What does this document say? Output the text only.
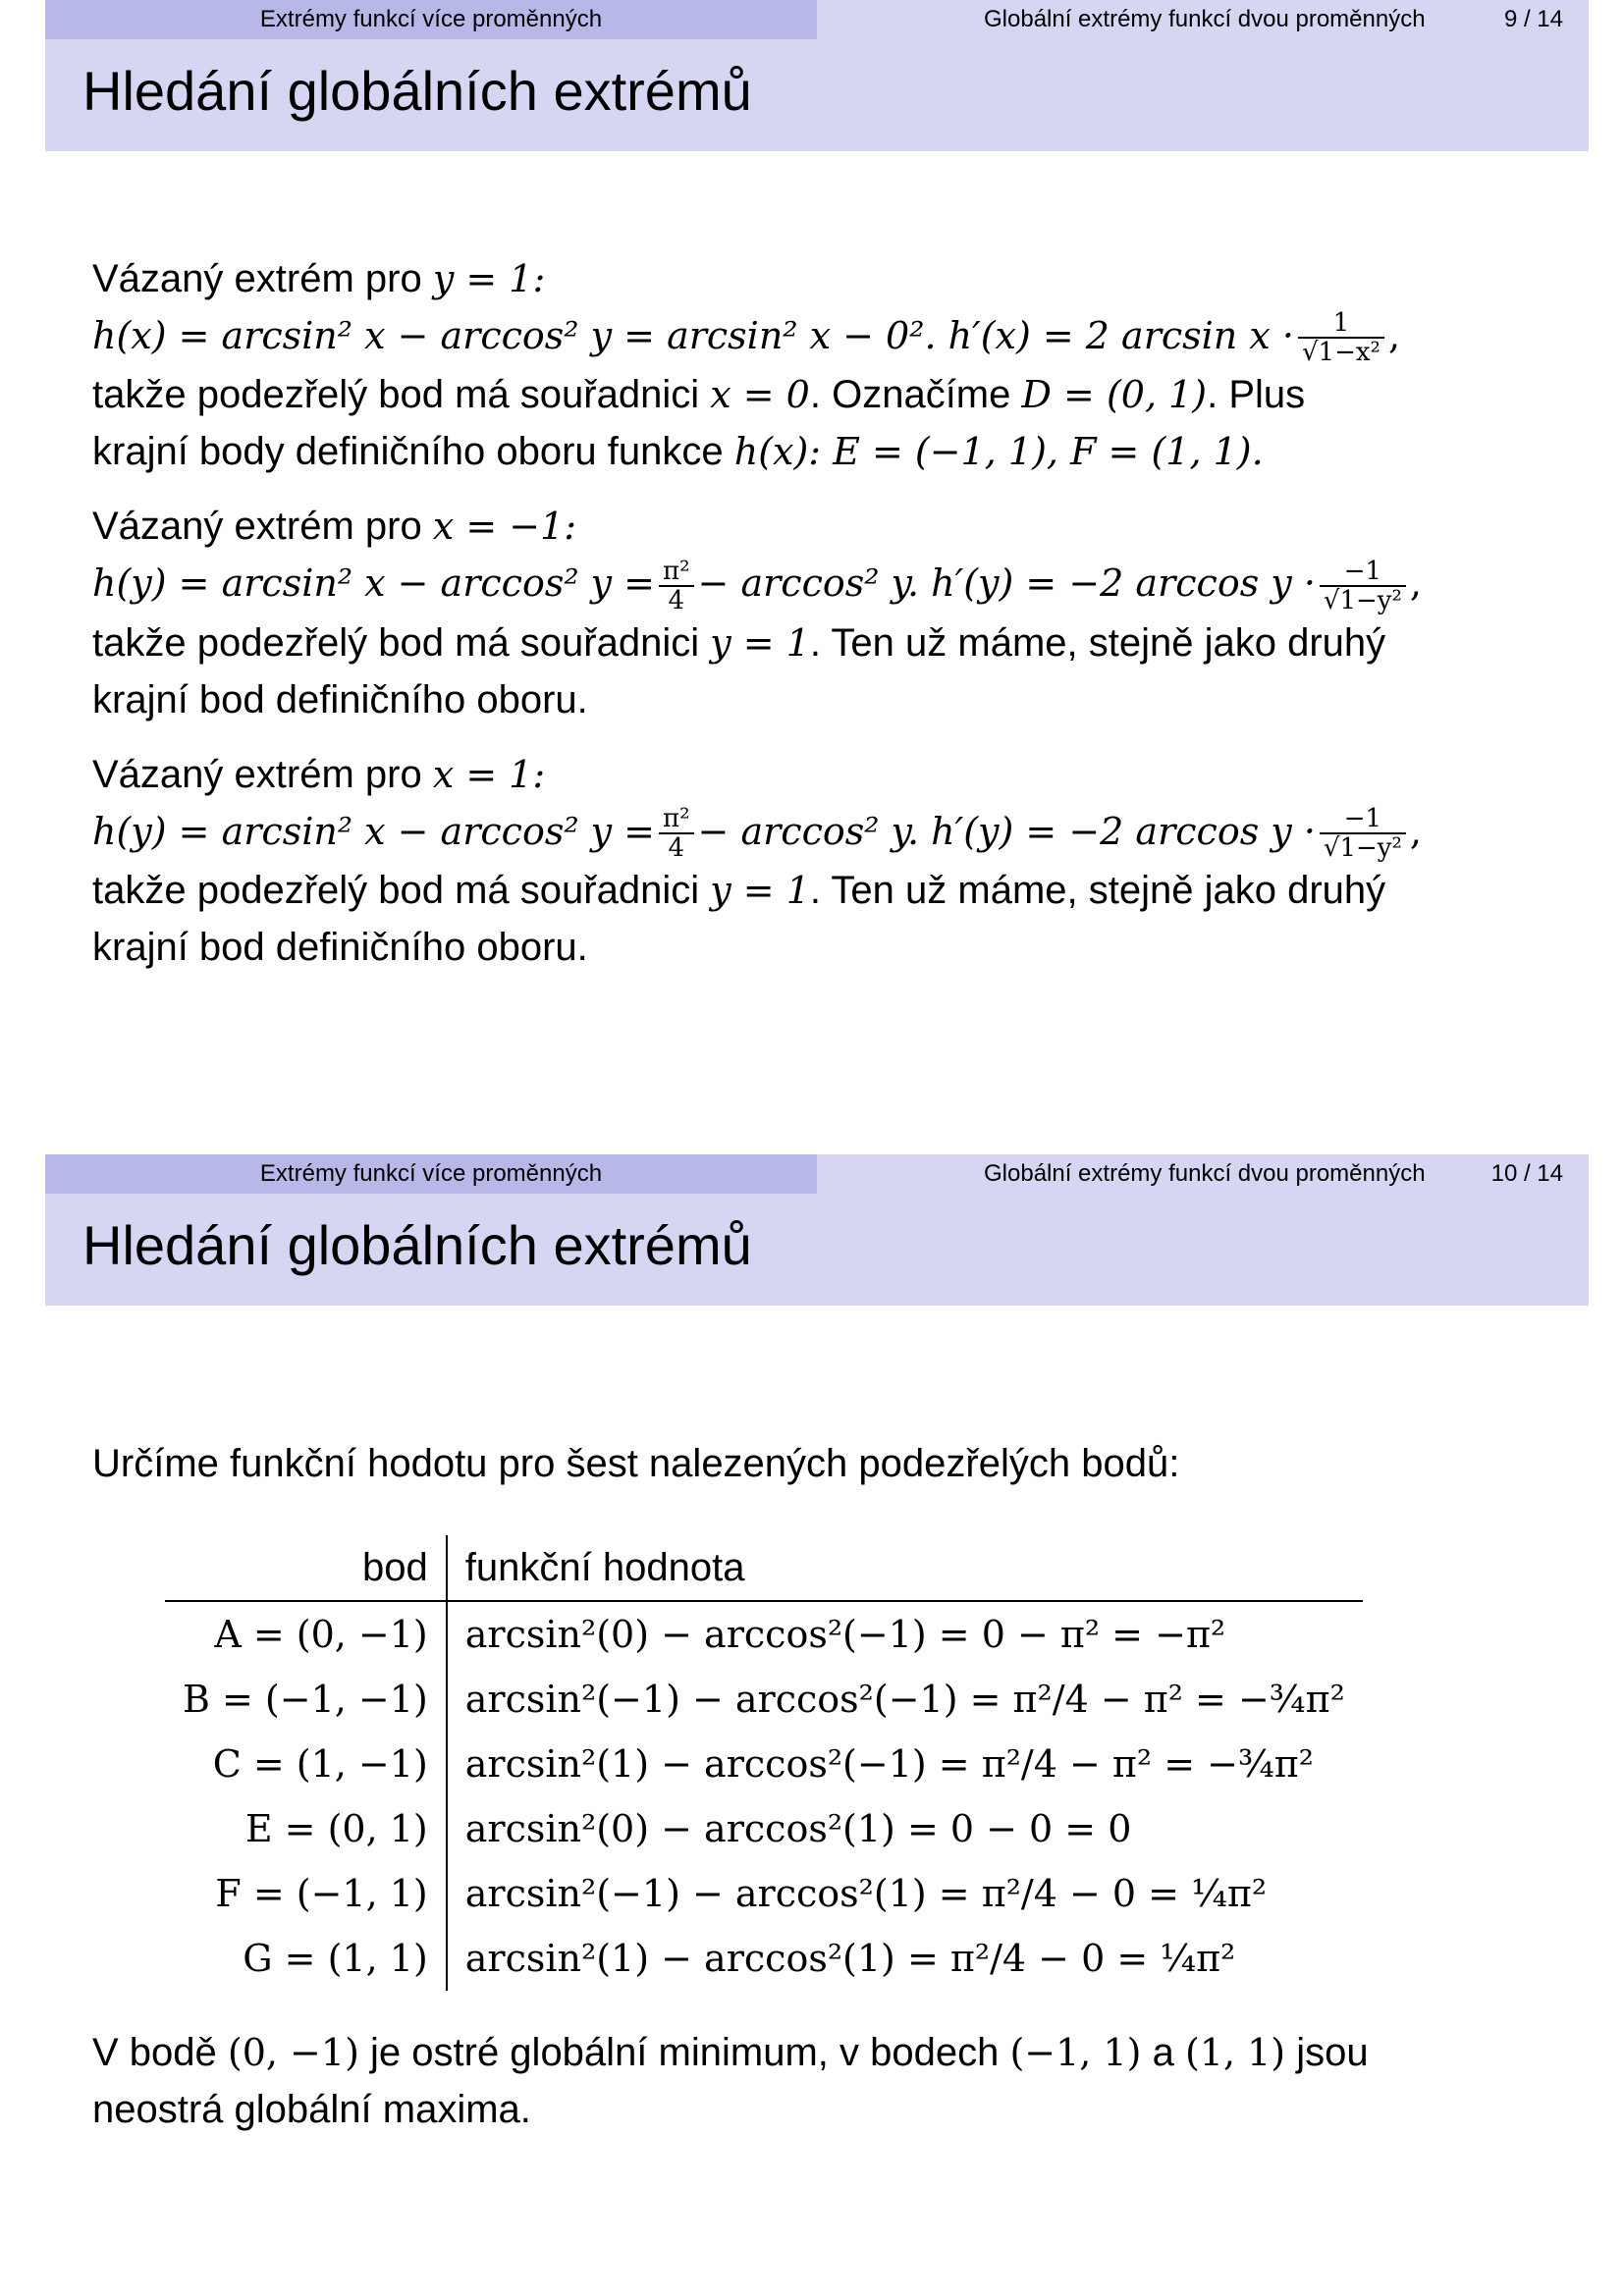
Extrémy funkcí více proměnných	Globální extrémy funkcí dvou proměnných	9 / 14
Hledání globálních extrémů
Vázaný extrém pro y = 1:
h(x) = arcsin² x − arccos² y = arcsin² x − 0². h′(x) = 2 $\arcsin x \cdot \frac{1}{\text{√1−x²}}$ ,
takže podezřelý bod má souřadnici x = 0. Označíme D = (0, 1). Plus
krajní body definičního oboru funkce h(x): E = (−1, 1), F = (1, 1).
Vázaný extrém pro x = −1:
h(y) = arcsin² x − arccos² $y = \frac{\text{π²}}{4} - \arccos^2$ y. h′(y) = −2 $\arccos y \cdot \frac{-1}{\text{√1−y²}}$ ,
takže podezřelý bod má souřadnici y = 1. Ten už máme, stejně jako druhý
krajní bod definičního oboru.
Vázaný extrém pro x = 1:
h(y) = arcsin² x − arccos² $y = \frac{\text{π²}}{4} - \arccos^2$ y. h′(y) = −2 $\arccos y \cdot \frac{-1}{\text{√1−y²}}$ ,
takže podezřelý bod má souřadnici y = 1. Ten už máme, stejně jako druhý
krajní bod definičního oboru.
Extrémy funkcí více proměnných	Globální extrémy funkcí dvou proměnných	10 / 14
Hledání globálních extrémů
Určíme funkční hodotu pro šest nalezených podezřelých bodů:
bod	funkční hodnota
A = (0, −1)	arcsin²(0) − arccos²(−1) = 0 − π² = −π²
B = (−1, −1)	arcsin²(−1) − arccos²(−1) = π²/4 − π² = −¾π²
C = (1, −1)	arcsin²(1) − arccos²(−1) = π²/4 − π² = −¾π²
E = (0, 1)	arcsin²(0) − arccos²(1) = 0 − 0 = 0
F = (−1, 1)	arcsin²(−1) − arccos²(1) = π²/4 − 0 = ¼π²
G = (1, 1)	arcsin²(1) − arccos²(1) = π²/4 − 0 = ¼π²
V bodě (0, −1) je ostré globální minimum, v bodech (−1, 1) a (1, 1) jsou
neostrá globální maxima.
